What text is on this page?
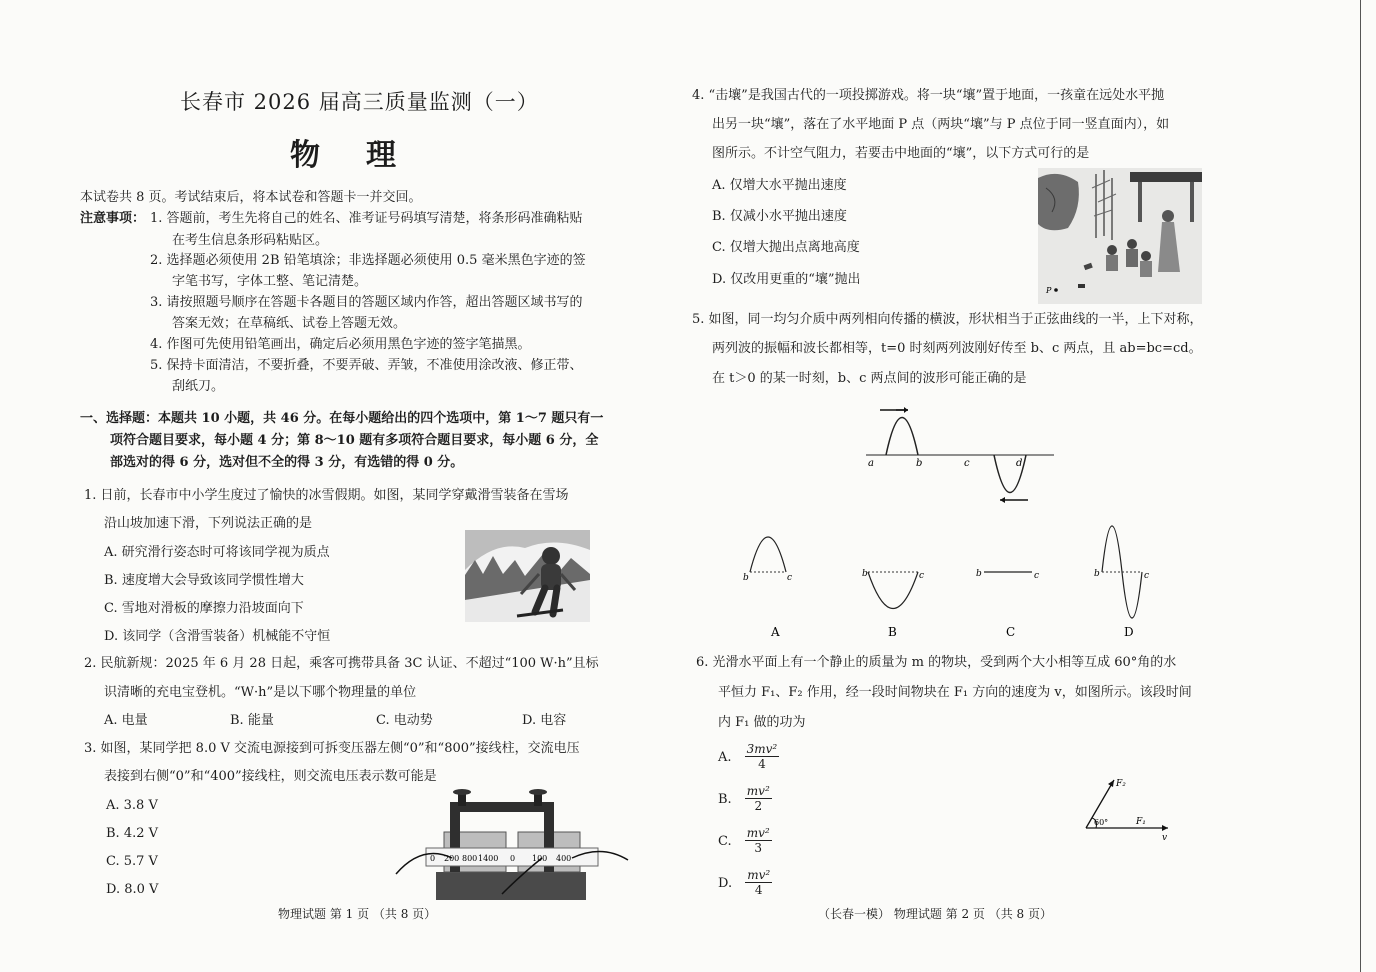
长春市 2026 届高三质量监测（一）
物理
本试卷共 8 页。考试结束后，将本试卷和答题卡一并交回。
注意事项： 1. 答题前，考生先将自己的姓名、准考证号码填写清楚，将条形码准确粘贴
在考生信息条形码粘贴区。
2. 选择题必须使用 2B 铅笔填涂；非选择题必须使用 0.5 毫米黑色字迹的签
字笔书写，字体工整、笔记清楚。
3. 请按照题号顺序在答题卡各题目的答题区域内作答，超出答题区域书写的
答案无效；在草稿纸、试卷上答题无效。
4. 作图可先使用铅笔画出，确定后必须用黑色字迹的签字笔描黑。
5. 保持卡面清洁，不要折叠，不要弄破、弄皱，不准使用涂改液、修正带、
刮纸刀。
一、选择题：本题共 10 小题，共 46 分。在每小题给出的四个选项中，第 1～7 题只有一
项符合题目要求，每小题 4 分；第 8～10 题有多项符合题目要求，每小题 6 分，全
部选对的得 6 分，选对但不全的得 3 分，有选错的得 0 分。
1. 日前，长春市中小学生度过了愉快的冰雪假期。如图，某同学穿戴滑雪装备在雪场
沿山坡加速下滑，下列说法正确的是
A. 研究滑行姿态时可将该同学视为质点
B. 速度增大会导致该同学惯性增大
C. 雪地对滑板的摩擦力沿坡面向下
D. 该同学（含滑雪装备）机械能不守恒
2. 民航新规：2025 年 6 月 28 日起，乘客可携带具备 3C 认证、不超过“100 W·h”且标
识清晰的充电宝登机。“W·h”是以下哪个物理量的单位
A. 电量	B. 能量	C. 电动势	D. 电容
3. 如图，某同学把 8.0 V 交流电源接到可拆变压器左侧“0”和“800”接线柱，交流电压
表接到右侧“0”和“400”接线柱，则交流电压表示数可能是
A. 3.8 V
B. 4.2 V
C. 5.7 V
D. 8.0 V
0 200 800 1400 0 100 400
物理试题 第 1 页 （共 8 页）
4. “击壤”是我国古代的一项投掷游戏。将一块“壤”置于地面，一孩童在远处水平抛
出另一块“壤”，落在了水平地面 P 点（两块“壤”与 P 点位于同一竖直面内），如
图所示。不计空气阻力，若要击中地面的“壤”，以下方式可行的是
A. 仅增大水平抛出速度
B. 仅减小水平抛出速度
C. 仅增大抛出点离地高度
D. 仅改用更重的“壤”抛出
P
5. 如图，同一均匀介质中两列相向传播的横波，形状相当于正弦曲线的一半，上下对称，
两列波的振幅和波长都相等，t=0 时刻两列波刚好传至 b、c 两点，且 ab=bc=cd。
在 t＞0 的某一时刻，b、c 两点间的波形可能正确的是
a	b	c	d
b	c
A
b	c
B
b	c
C
b	c
D
6. 光滑水平面上有一个静止的质量为 m 的物块，受到两个大小相等互成 60°角的水
平恒力 F₁、F₂ 作用，经一段时间物块在 F₁ 方向的速度为 v，如图所示。该段时间
内 F₁ 做的功为
A. $\frac{\text{3mv²}}{4}$
B. $\frac{\text{mv²}}{2}$
C. $\frac{\text{mv²}}{3}$
D. $\frac{\text{mv²}}{4}$
60°	F₁
F₂
v
（长春一模） 物理试题 第 2 页 （共 8 页）
